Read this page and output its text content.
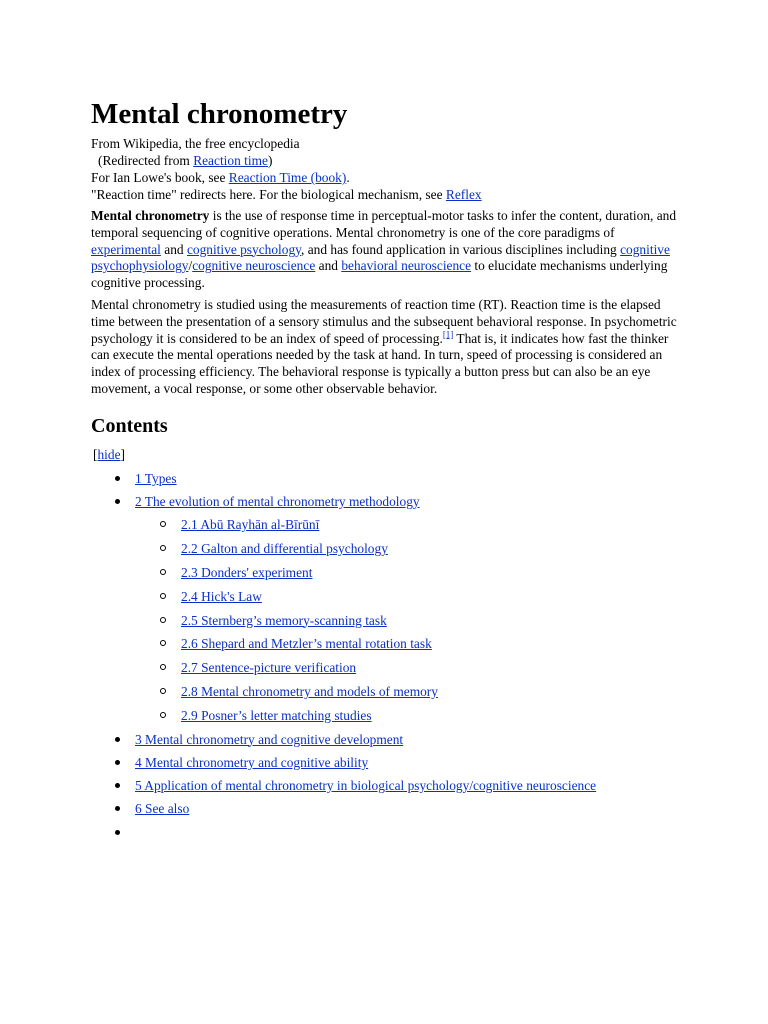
Mental chronometry
From Wikipedia, the free encyclopedia
(Redirected from Reaction time)
For Ian Lowe's book, see Reaction Time (book).
"Reaction time" redirects here. For the biological mechanism, see Reflex

Mental chronometry is the use of response time in perceptual-motor tasks to infer the content, duration, and temporal sequencing of cognitive operations. Mental chronometry is one of the core paradigms of experimental and cognitive psychology, and has found application in various disciplines including cognitive psychophysiology/cognitive neuroscience and behavioral neuroscience to elucidate mechanisms underlying cognitive processing.

Mental chronometry is studied using the measurements of reaction time (RT). Reaction time is the elapsed time between the presentation of a sensory stimulus and the subsequent behavioral response. In psychometric psychology it is considered to be an index of speed of processing.[1] That is, it indicates how fast the thinker can execute the mental operations needed by the task at hand. In turn, speed of processing is considered an index of processing efficiency. The behavioral response is typically a button press but can also be an eye movement, a vocal response, or some other observable behavior.

Contents
[hide]
1 Types
2 The evolution of mental chronometry methodology
2.1 Abū Rayhān al-Bīrūnī
2.2 Galton and differential psychology
2.3 Donders' experiment
2.4 Hick's Law
2.5 Sternberg’s memory-scanning task
2.6 Shepard and Metzler’s mental rotation task
2.7 Sentence-picture verification
2.8 Mental chronometry and models of memory
2.9 Posner’s letter matching studies
3 Mental chronometry and cognitive development
4 Mental chronometry and cognitive ability
5 Application of mental chronometry in biological psychology/cognitive neuroscience
6 See also
